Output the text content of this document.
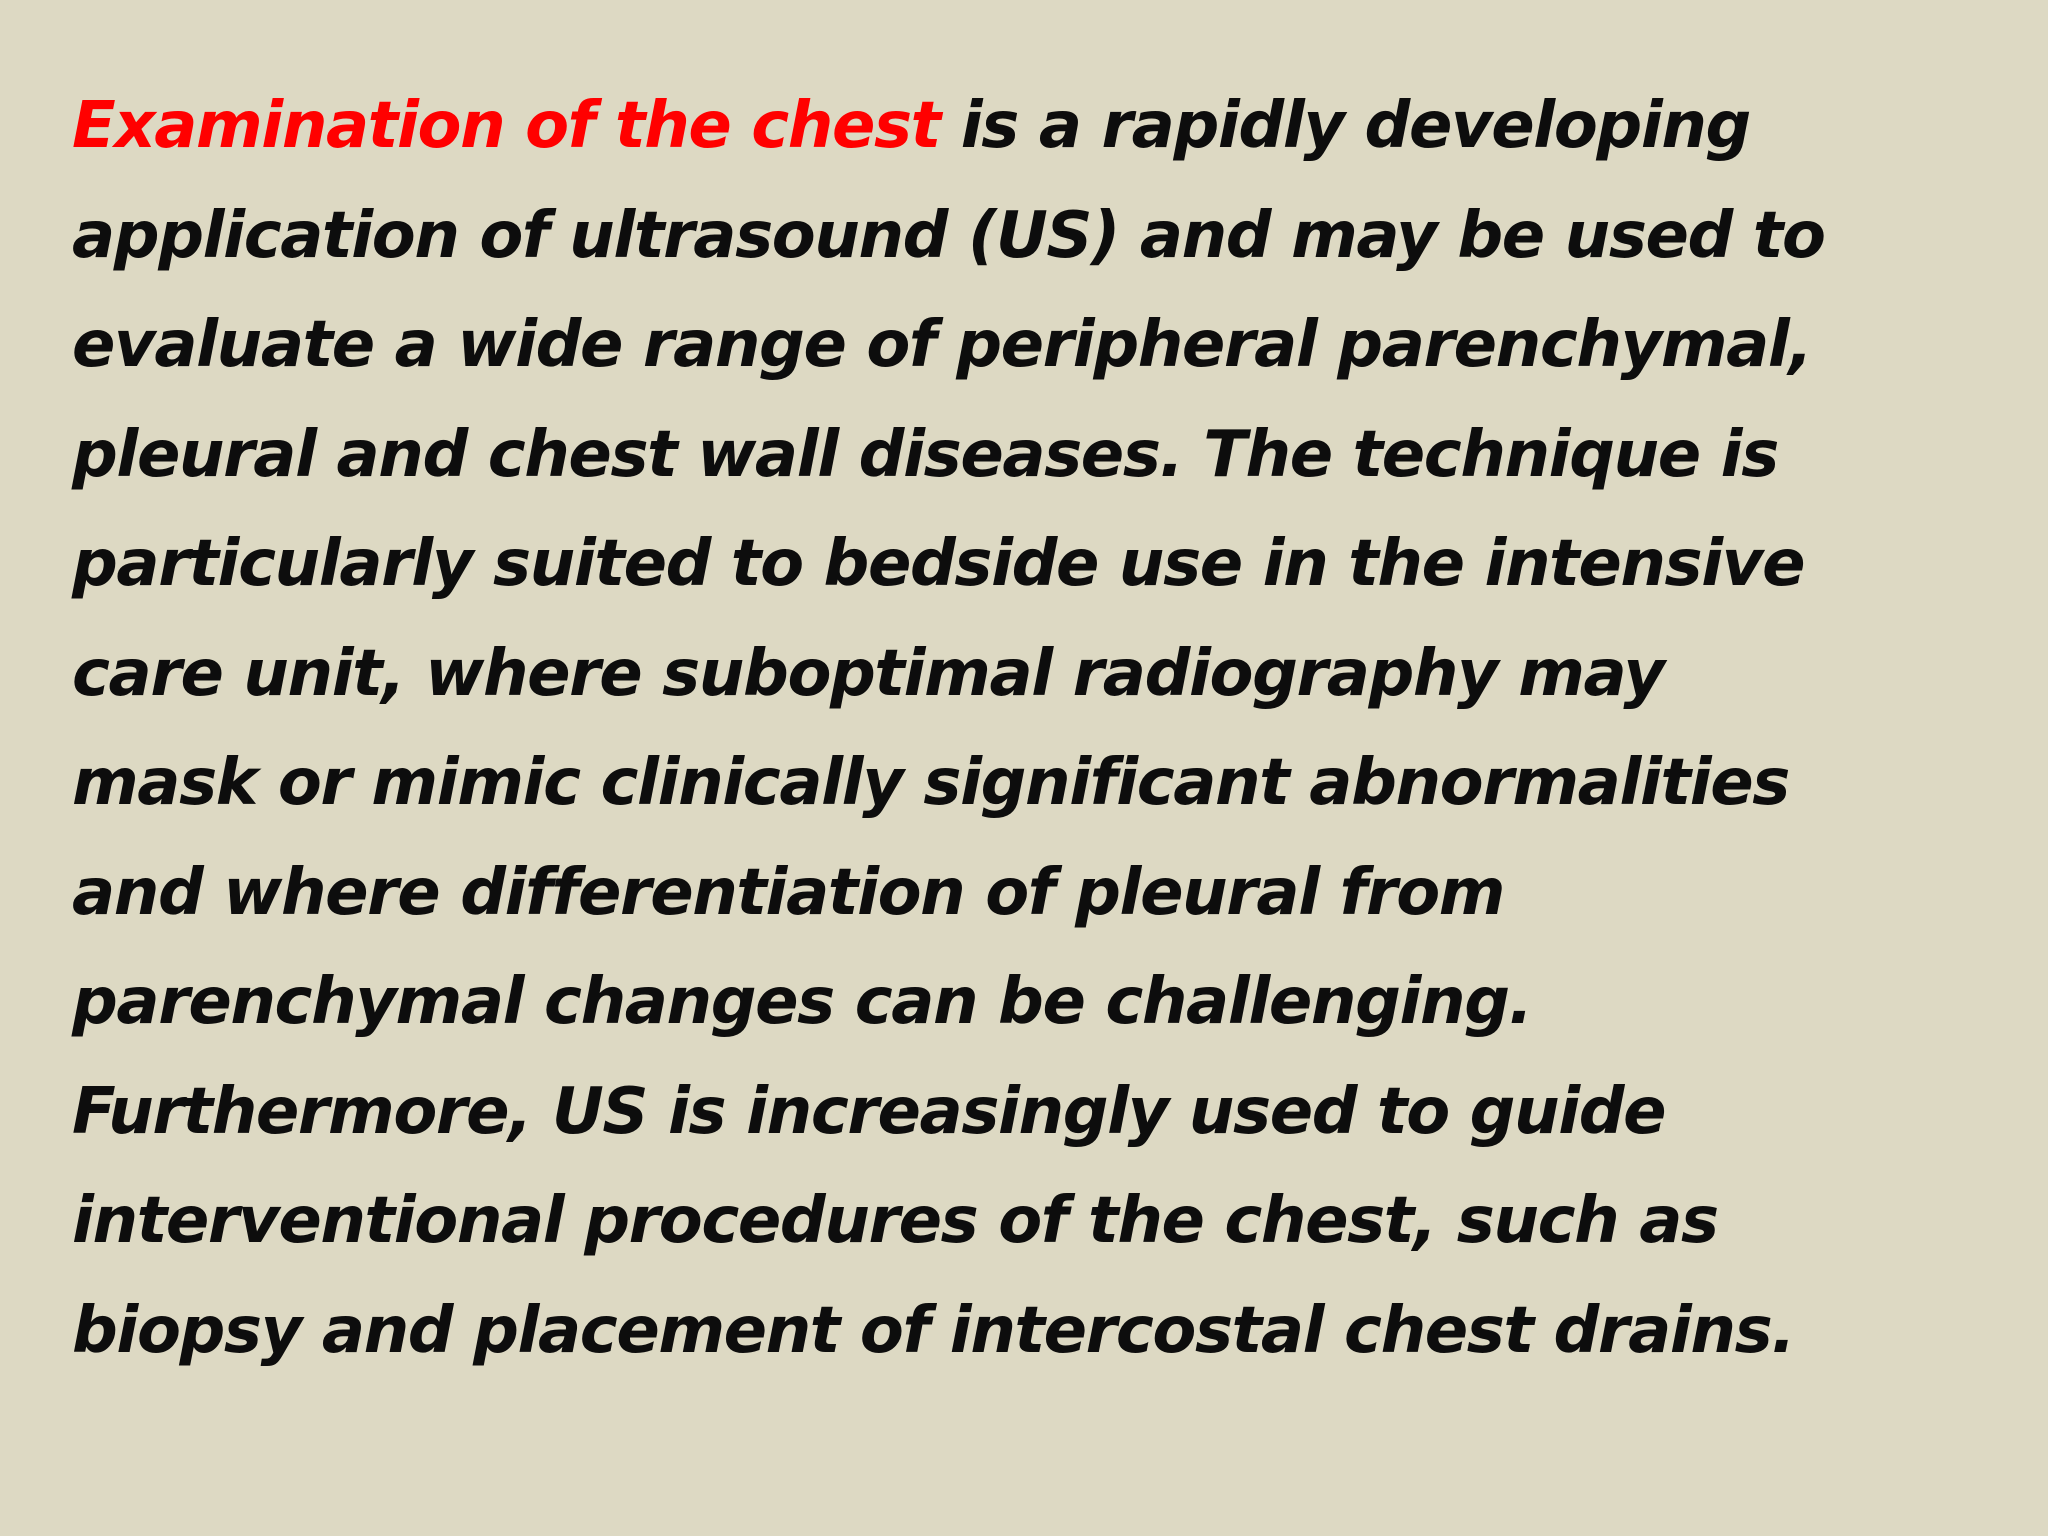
Examination of the chest is a rapidly developing
application of ultrasound (US) and may be used to
evaluate a wide range of peripheral parenchymal,
pleural and chest wall diseases. The technique is
particularly suited to bedside use in the intensive
care unit, where suboptimal radiography may
mask or mimic clinically significant abnormalities
and where differentiation of pleural from
parenchymal changes can be challenging.
Furthermore, US is increasingly used to guide
interventional procedures of the chest, such as
biopsy and placement of intercostal chest drains.
